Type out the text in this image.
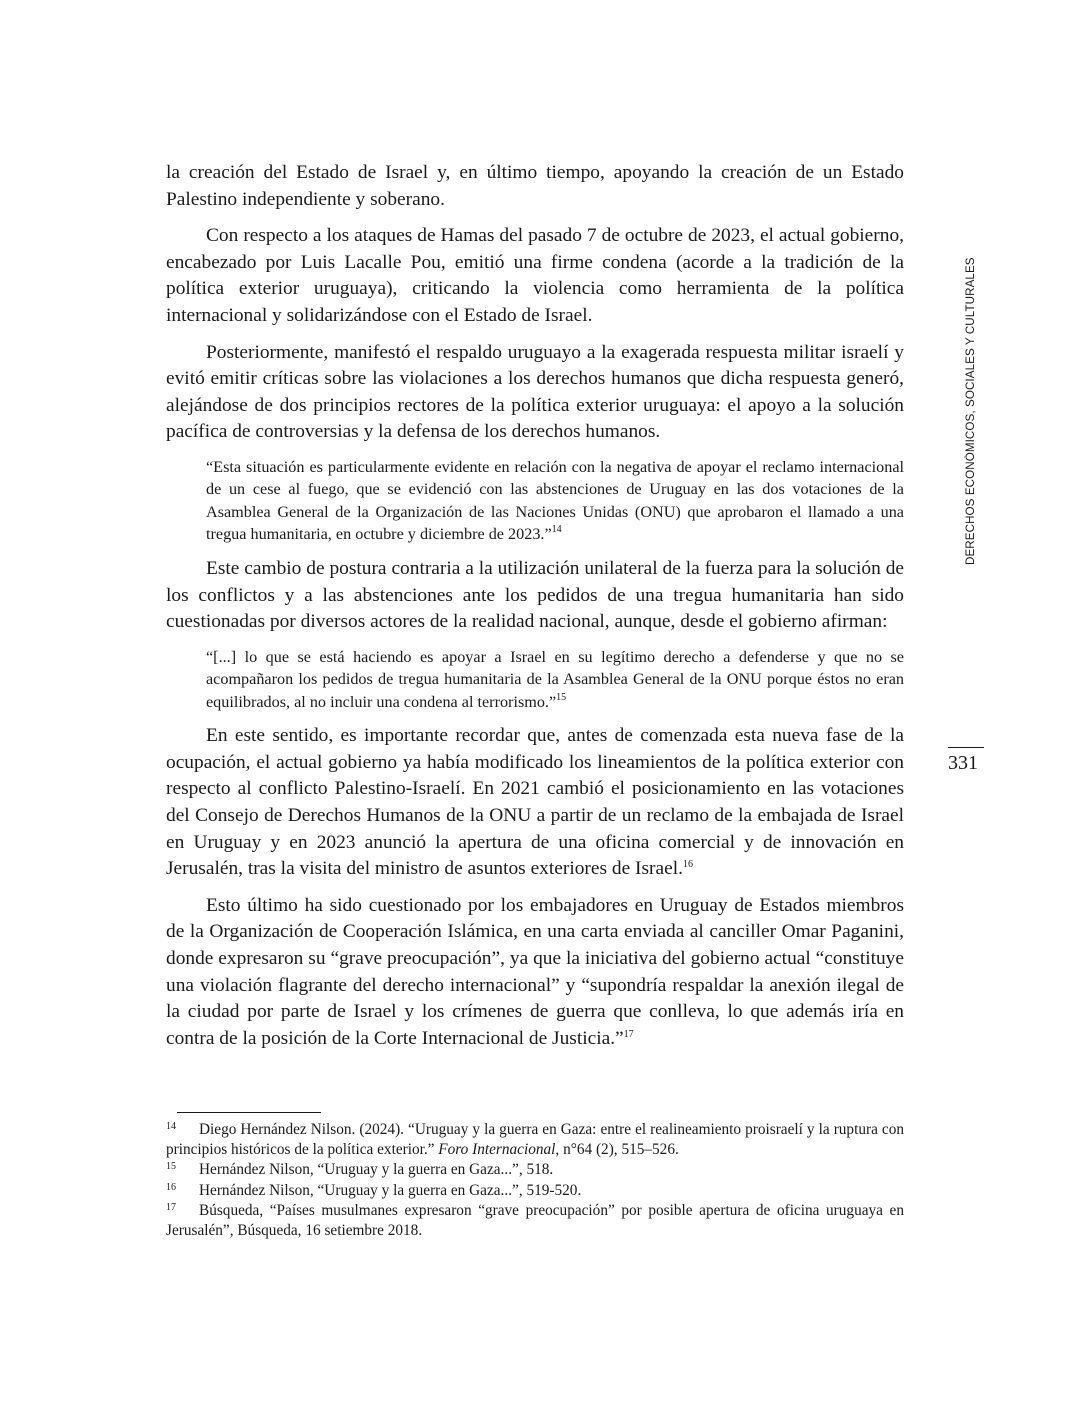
la creación del Estado de Israel y, en último tiempo, apoyando la creación de un Estado Palestino independiente y soberano.

Con respecto a los ataques de Hamas del pasado 7 de octubre de 2023, el actual gobierno, encabezado por Luis Lacalle Pou, emitió una firme condena (acorde a la tradición de la política exterior uruguaya), criticando la violencia como herramienta de la política internacional y solidarizándose con el Estado de Israel.

Posteriormente, manifestó el respaldo uruguayo a la exagerada respuesta militar israelí y evitó emitir críticas sobre las violaciones a los derechos humanos que dicha respuesta generó, alejándose de dos principios rectores de la política exterior uruguaya: el apoyo a la solución pacífica de controversias y la defensa de los derechos humanos.

“Esta situación es particularmente evidente en relación con la negativa de apoyar el reclamo internacional de un cese al fuego, que se evidenció con las abstenciones de Uruguay en las dos votaciones de la Asamblea General de la Organización de las Naciones Unidas (ONU) que aprobaron el llamado a una tregua humanitaria, en octubre y diciembre de 2023.”$^{14}$

Este cambio de postura contraria a la utilización unilateral de la fuerza para la solución de los conflictos y a las abstenciones ante los pedidos de una tregua humanitaria han sido cuestionadas por diversos actores de la realidad nacional, aunque, desde el gobierno afirman:

“[...] lo que se está haciendo es apoyar a Israel en su legítimo derecho a defenderse y que no se acompañaron los pedidos de tregua humanitaria de la Asamblea General de la ONU porque éstos no eran equilibrados, al no incluir una condena al terrorismo.”$^{15}$

En este sentido, es importante recordar que, antes de comenzada esta nueva fase de la ocupación, el actual gobierno ya había modificado los lineamientos de la política exterior con respecto al conflicto Palestino-Israelí. En 2021 cambió el posicionamiento en las votaciones del Consejo de Derechos Humanos de la ONU a partir de un reclamo de la embajada de Israel en Uruguay y en 2023 anunció la apertura de una oficina comercial y de innovación en Jerusalén, tras la visita del ministro de asuntos exteriores de Israel.$^{16}$

Esto último ha sido cuestionado por los embajadores en Uruguay de Estados miembros de la Organización de Cooperación Islámica, en una carta enviada al canciller Omar Paganini, donde expresaron su “grave preocupación”, ya que la iniciativa del gobierno actual “constituye una violación flagrante del derecho internacional” y “supondría respaldar la anexión ilegal de la ciudad por parte de Israel y los crímenes de guerra que conlleva, lo que además iría en contra de la posición de la Corte Internacional de Justicia.”$^{17}$

14 Diego Hernández Nilson. (2024). “Uruguay y la guerra en Gaza: entre el realineamiento proisraelí y la ruptura con principios históricos de la política exterior.” Foro Internacional, n°64 (2), 515–526.

15 Hernández Nilson, “Uruguay y la guerra en Gaza...”, 518.

16 Hernández Nilson, “Uruguay y la guerra en Gaza...”, 519-520.

17 Búsqueda, “Países musulmanes expresaron “grave preocupación” por posible apertura de oficina uruguaya en Jerusalén”, Búsqueda, 16 setiembre 2018.

DERECHOS ECONÓMICOS, SOCIALES Y CULTURALES
331
